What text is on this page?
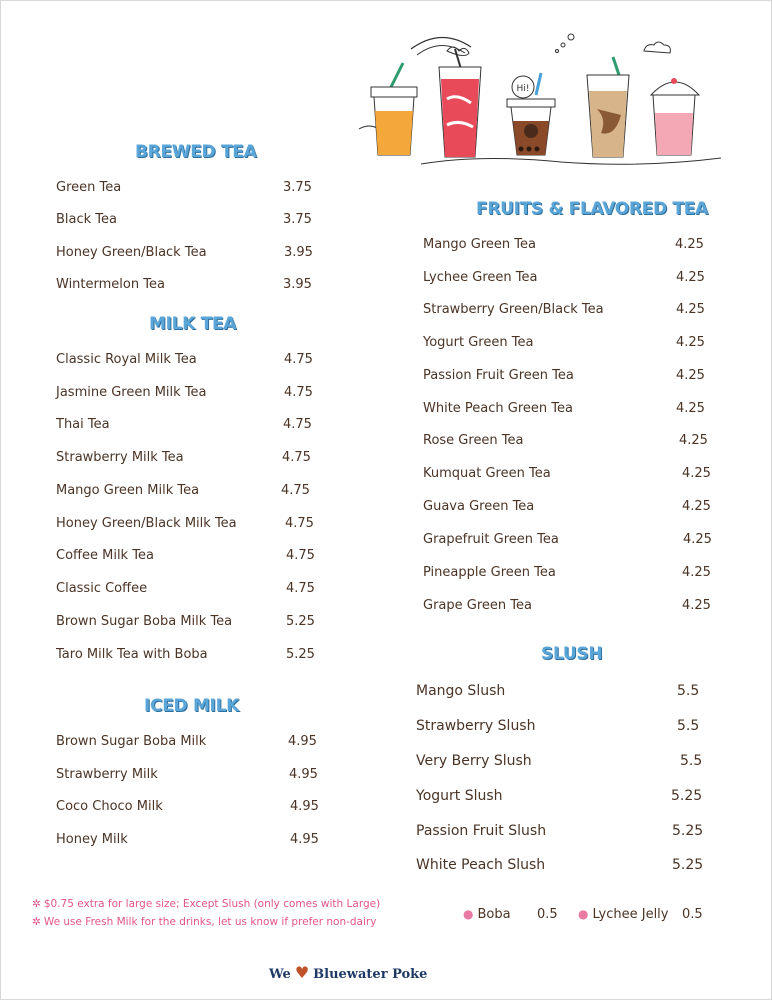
Hi!
BREWED TEA
Green Tea	3.75
Black Tea	3.75
Honey Green/Black Tea	3.95
Wintermelon Tea	3.95
MILK TEA
Classic Royal Milk Tea	4.75
Jasmine Green Milk Tea	4.75
Thai Tea	4.75
Strawberry Milk Tea	4.75
Mango Green Milk Tea	4.75
Honey Green/Black Milk Tea	4.75
Coffee Milk Tea	4.75
Classic Coffee	4.75
Brown Sugar Boba Milk Tea	5.25
Taro Milk Tea with Boba	5.25
ICED MILK
Brown Sugar Boba Milk	4.95
Strawberry Milk	4.95
Coco Choco Milk	4.95
Honey Milk	4.95
FRUITS & FLAVORED TEA
Mango Green Tea	4.25
Lychee Green Tea	4.25
Strawberry Green/Black Tea	4.25
Yogurt Green Tea	4.25
Passion Fruit Green Tea	4.25
White Peach Green Tea	4.25
Rose Green Tea	4.25
Kumquat Green Tea	4.25
Guava Green Tea	4.25
Grapefruit Green Tea	4.25
Pineapple Green Tea	4.25
Grape Green Tea	4.25
SLUSH
Mango Slush	5.5
Strawberry Slush	5.5
Very Berry Slush	5.5
Yogurt Slush	5.25
Passion Fruit Slush	5.25
White Peach Slush	5.25
✲ $0.75 extra for large size; Except Slush (only comes with Large)
✲ We use Fresh Milk for the drinks, let us know if prefer non-dairy
● Boba 0.5 ● Lychee Jelly 0.5
We ♥ Bluewater Poke
